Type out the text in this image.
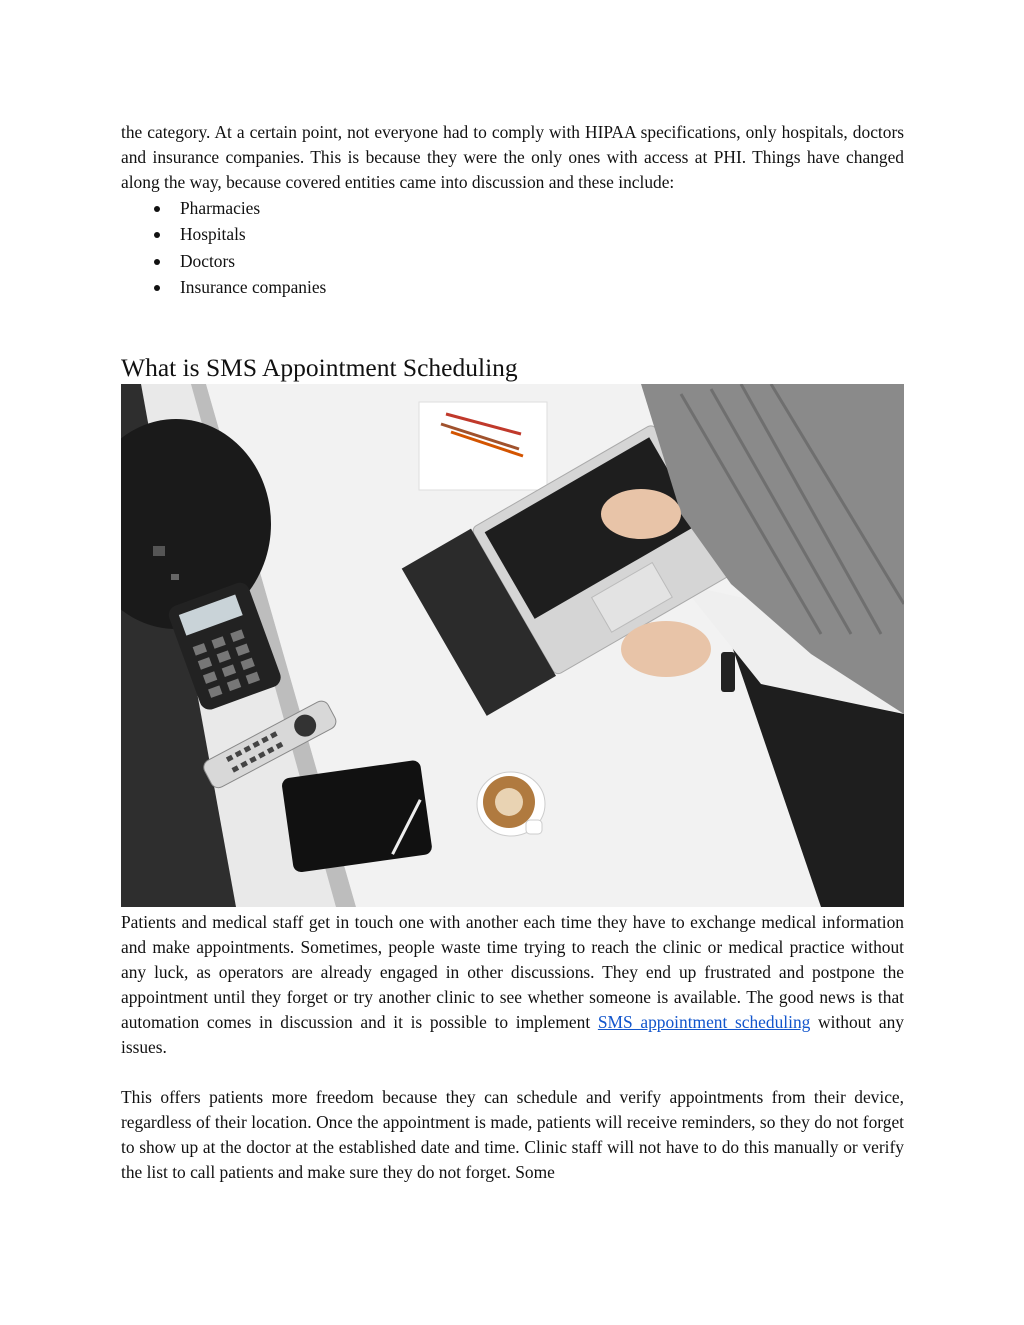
the category. At a certain point, not everyone had to comply with HIPAA specifications, only hospitals, doctors and insurance companies. This is because they were the only ones with access at PHI. Things have changed along the way, because covered entities came into discussion and these include:

Pharmacies
Hospitals
Doctors
Insurance companies
What is SMS Appointment Scheduling

Patients and medical staff get in touch one with another each time they have to exchange medical information and make appointments. Sometimes, people waste time trying to reach the clinic or medical practice without any luck, as operators are already engaged in other discussions. They end up frustrated and postpone the appointment until they forget or try another clinic to see whether someone is available. The good news is that automation comes in discussion and it is possible to implement SMS appointment scheduling without any issues.

This offers patients more freedom because they can schedule and verify appointments from their device, regardless of their location. Once the appointment is made, patients will receive reminders, so they do not forget to show up at the doctor at the established date and time. Clinic staff will not have to do this manually or verify the list to call patients and make sure they do not forget. Some
